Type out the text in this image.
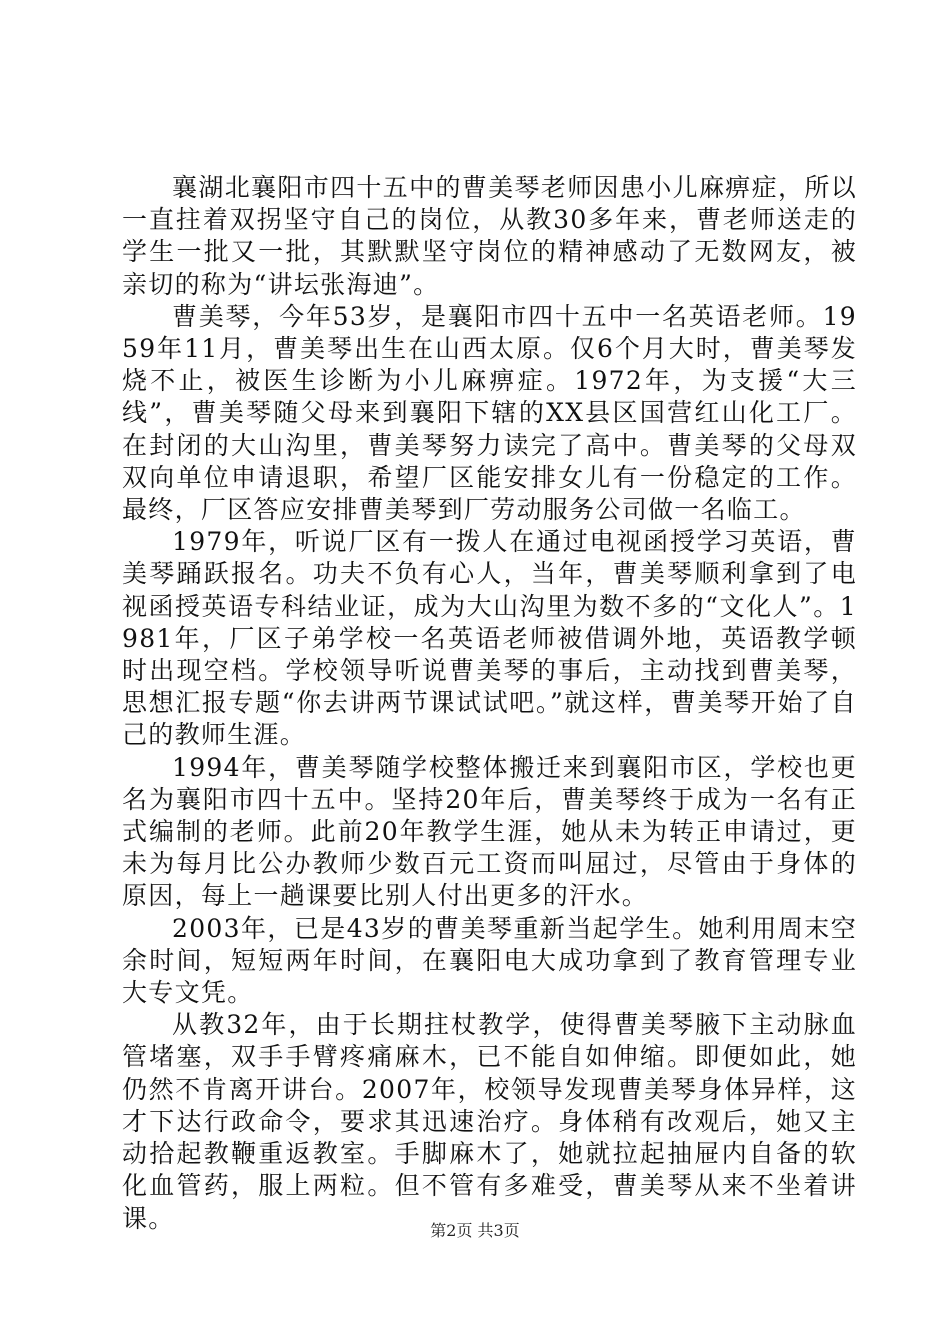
襄湖北襄阳市四十五中的曹美琴老师因患小儿麻痹症，所以一直拄着双拐坚守自己的岗位，从教30多年来，曹老师送走的学生一批又一批，其默默坚守岗位的精神感动了无数网友，被亲切的称为“讲坛张海迪”。

曹美琴，今年53岁，是襄阳市四十五中一名英语老师。1959年11月，曹美琴出生在山西太原。仅6个月大时，曹美琴发烧不止，被医生诊断为小儿麻痹症。1972年，为支援“大三线”，曹美琴随父母来到襄阳下辖的XX县区国营红山化工厂。在封闭的大山沟里，曹美琴努力读完了高中。曹美琴的父母双双向单位申请退职，希望厂区能安排女儿有一份稳定的工作。最终，厂区答应安排曹美琴到厂劳动服务公司做一名临工。

1979年，听说厂区有一拨人在通过电视函授学习英语，曹美琴踊跃报名。功夫不负有心人，当年，曹美琴顺利拿到了电视函授英语专科结业证，成为大山沟里为数不多的“文化人”。1981年，厂区子弟学校一名英语老师被借调外地，英语教学顿时出现空档。学校领导听说曹美琴的事后，主动找到曹美琴，思想汇报专题“你去讲两节课试试吧。”就这样，曹美琴开始了自己的教师生涯。

1994年，曹美琴随学校整体搬迁来到襄阳市区，学校也更名为襄阳市四十五中。坚持20年后，曹美琴终于成为一名有正式编制的老师。此前20年教学生涯，她从未为转正申请过，更未为每月比公办教师少数百元工资而叫屈过，尽管由于身体的原因，每上一趟课要比别人付出更多的汗水。

2003年，已是43岁的曹美琴重新当起学生。她利用周末空余时间，短短两年时间，在襄阳电大成功拿到了教育管理专业大专文凭。

从教32年，由于长期拄杖教学，使得曹美琴腋下主动脉血管堵塞，双手手臂疼痛麻木，已不能自如伸缩。即便如此，她仍然不肯离开讲台。2007年，校领导发现曹美琴身体异样，这才下达行政命令，要求其迅速治疗。身体稍有改观后，她又主动拾起教鞭重返教室。手脚麻木了，她就拉起抽屉内自备的软化血管药，服上两粒。但不管有多难受，曹美琴从来不坐着讲课。	第2页 共3页
